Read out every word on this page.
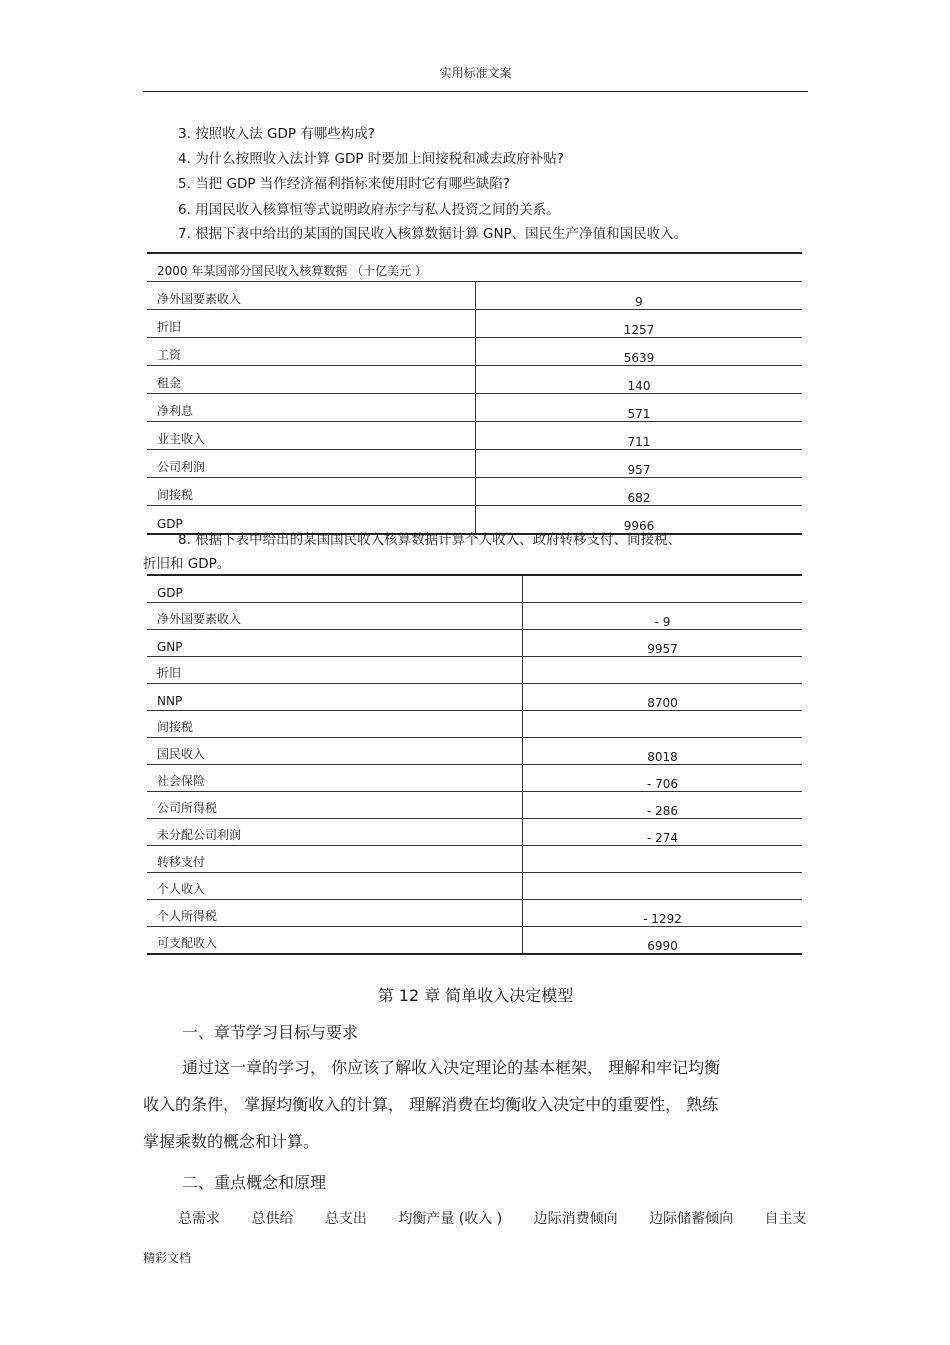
实用标准文案
3. 按照收入法 GDP 有哪些构成?
4. 为什么按照收入法计算 GDP 时要加上间接税和减去政府补贴?
5. 当把 GDP 当作经济福利指标来使用时它有哪些缺陷?
6. 用国民收入核算恒等式说明政府赤字与私人投资之间的关系。
7. 根据下表中给出的某国的国民收入核算数据计算 GNP、国民生产净值和国民收入。
2000 年某国部分国民收入核算数据 （十亿美元 ）	
净外国要素收入	9
折旧	1257
工资	5639
租金	140
净利息	571
业主收入	711
公司利润	957
间接税	682
GDP	9966
8. 根据下表中给出的某国国民收入核算数据计算个人收入、政府转移支付、间接税、
折旧和 GDP。
GDP	
净外国要素收入	- 9
GNP	9957
折旧	
NNP	8700
间接税	
国民收入	8018
社会保险	- 706
公司所得税	- 286
未分配公司利润	- 274
转移支付	
个人收入	
个人所得税	- 1292
可支配收入	6990
第 12 章 简单收入决定模型
一、章节学习目标与要求
通过这一章的学习， 你应该了解收入决定理论的基本框架， 理解和牢记均衡
收入的条件， 掌握均衡收入的计算， 理解消费在均衡收入决定中的重要性， 熟练
掌握乘数的概念和计算。
二、重点概念和原理
总需求 总供给 总支出 均衡产量 (收入 ) 边际消费倾向 边际储蓄倾向 自主支
精彩文档
